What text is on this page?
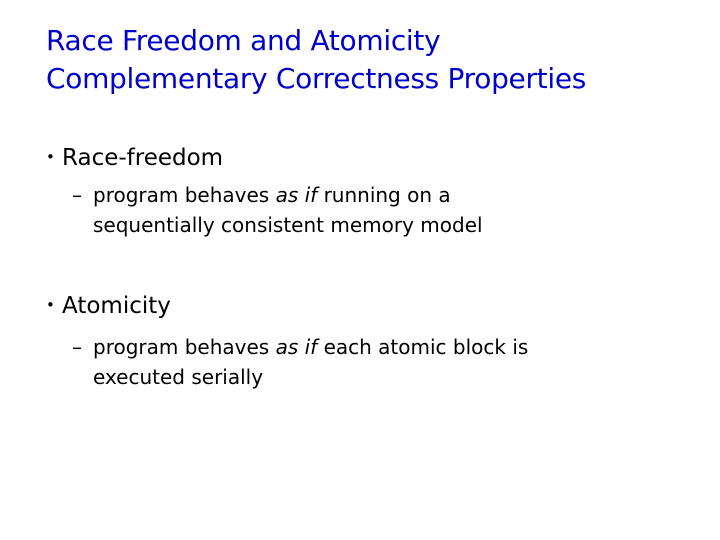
Race Freedom and Atomicity
Complementary Correctness Properties
• Race-freedom
– program behaves as if running on a
sequentially consistent memory model
• Atomicity
– program behaves as if each atomic block is
executed serially
